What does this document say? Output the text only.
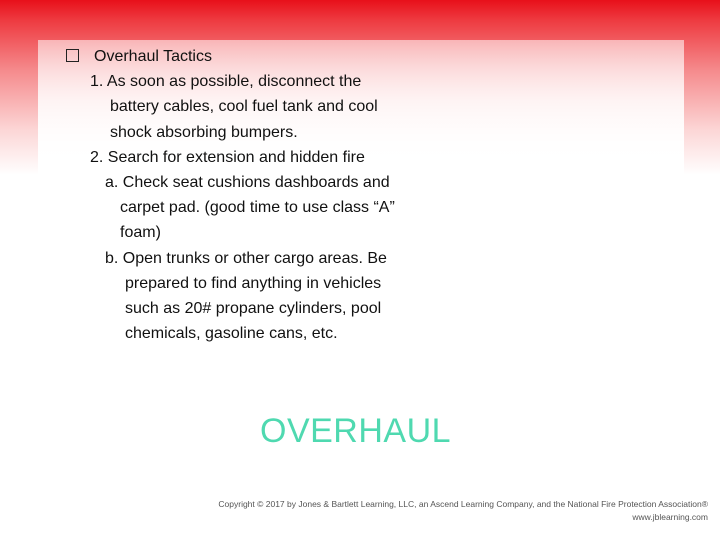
Overhaul Tactics
1. As soon as possible, disconnect the
battery cables, cool fuel tank and cool
shock absorbing bumpers.
2. Search for extension and hidden fire
a. Check seat cushions dashboards and
carpet pad. (good time to use class “A”
foam)
b. Open trunks or other cargo areas. Be
prepared to find anything in vehicles
such as 20# propane cylinders, pool
chemicals, gasoline cans, etc.
OVERHAUL
Copyright © 2017 by Jones & Bartlett Learning, LLC, an Ascend Learning Company, and the National Fire Protection Association®
www.jblearning.com
